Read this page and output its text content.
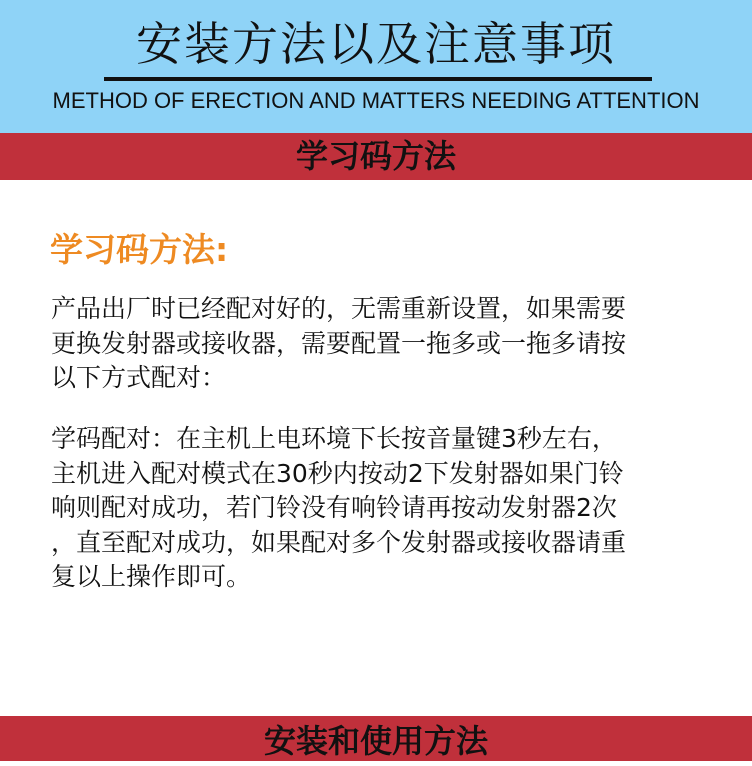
安装方法以及注意事项
METHOD OF ERECTION AND MATTERS NEEDING ATTENTION
学习码方法
学习码方法:
产品出厂时已经配对好的，无需重新设置，如果需要
更换发射器或接收器，需要配置一拖多或一拖多请按
以下方式配对：
学码配对：在主机上电环境下长按音量键3秒左右，
主机进入配对模式在30秒内按动2下发射器如果门铃
响则配对成功，若门铃没有响铃请再按动发射器2次
，直至配对成功，如果配对多个发射器或接收器请重
复以上操作即可。
安装和使用方法
